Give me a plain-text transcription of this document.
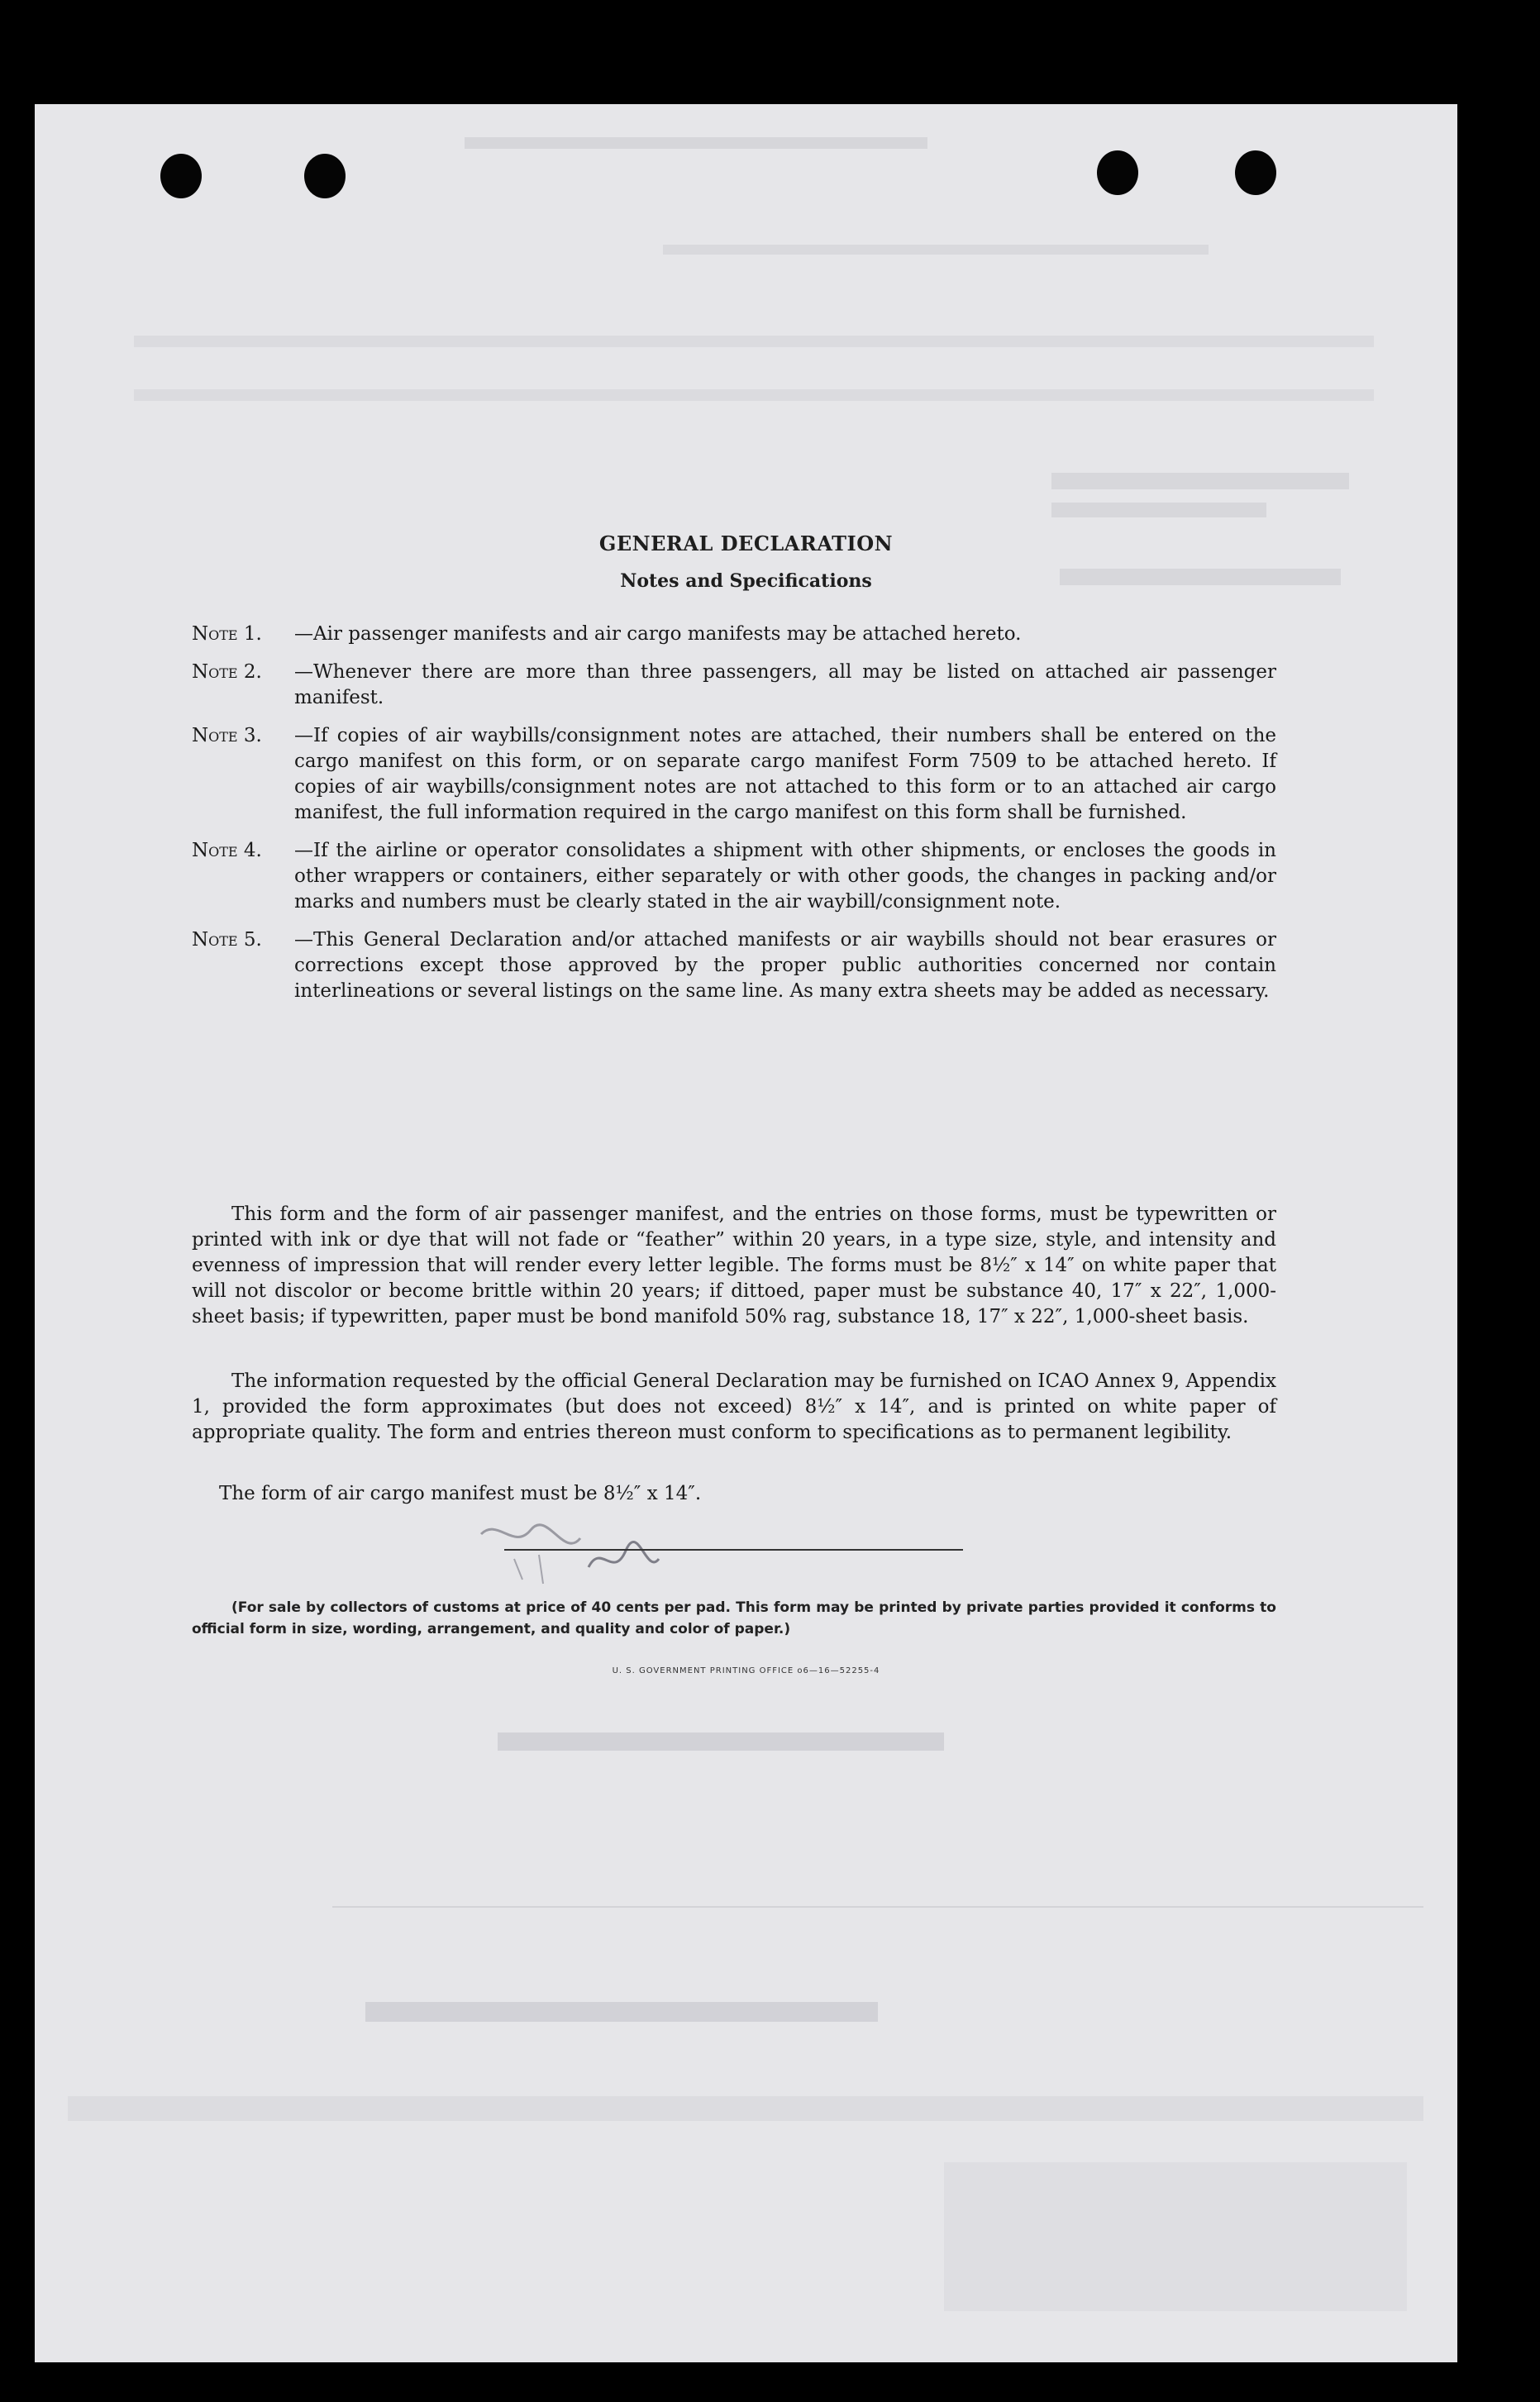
GENERAL DECLARATION
Notes and Specifications
Note 1.	—Air passenger manifests and air cargo manifests may be attached hereto.
Note 2.	—Whenever there are more than three passengers, all may be listed on attached air passenger manifest.
Note 3.	—If copies of air waybills/consignment notes are attached, their numbers shall be entered on the cargo manifest on this form, or on separate cargo manifest Form 7509 to be attached hereto. If copies of air waybills/consignment notes are not attached to this form or to an attached air cargo manifest, the full information required in the cargo manifest on this form shall be furnished.
Note 4.	—If the airline or operator consolidates a shipment with other shipments, or encloses the goods in other wrappers or containers, either separately or with other goods, the changes in packing and/or marks and numbers must be clearly stated in the air waybill/consignment note.
Note 5.	—This General Declaration and/or attached manifests or air waybills should not bear erasures or corrections except those approved by the proper public authorities concerned nor contain interlineations or several listings on the same line. As many extra sheets may be added as necessary.
This form and the form of air passenger manifest, and the entries on those forms, must be typewritten or printed with ink or dye that will not fade or “feather” within 20 years, in a type size, style, and intensity and evenness of impression that will render every letter legible. The forms must be 8½″ x 14″ on white paper that will not discolor or become brittle within 20 years; if dittoed, paper must be substance 40, 17″ x 22″, 1,000-sheet basis; if typewritten, paper must be bond manifold 50% rag, substance 18, 17″ x 22″, 1,000-sheet basis.
The information requested by the official General Declaration may be furnished on ICAO Annex 9, Appendix 1, provided the form approximates (but does not exceed) 8½″ x 14″, and is printed on white paper of appropriate quality. The form and entries thereon must conform to specifications as to permanent legibility.
The form of air cargo manifest must be 8½″ x 14″.
(For sale by collectors of customs at price of 40 cents per pad. This form may be printed by private parties provided it conforms to official form in size, wording, arrangement, and quality and color of paper.)
U. S. GOVERNMENT PRINTING OFFICE o6—16—52255-4
